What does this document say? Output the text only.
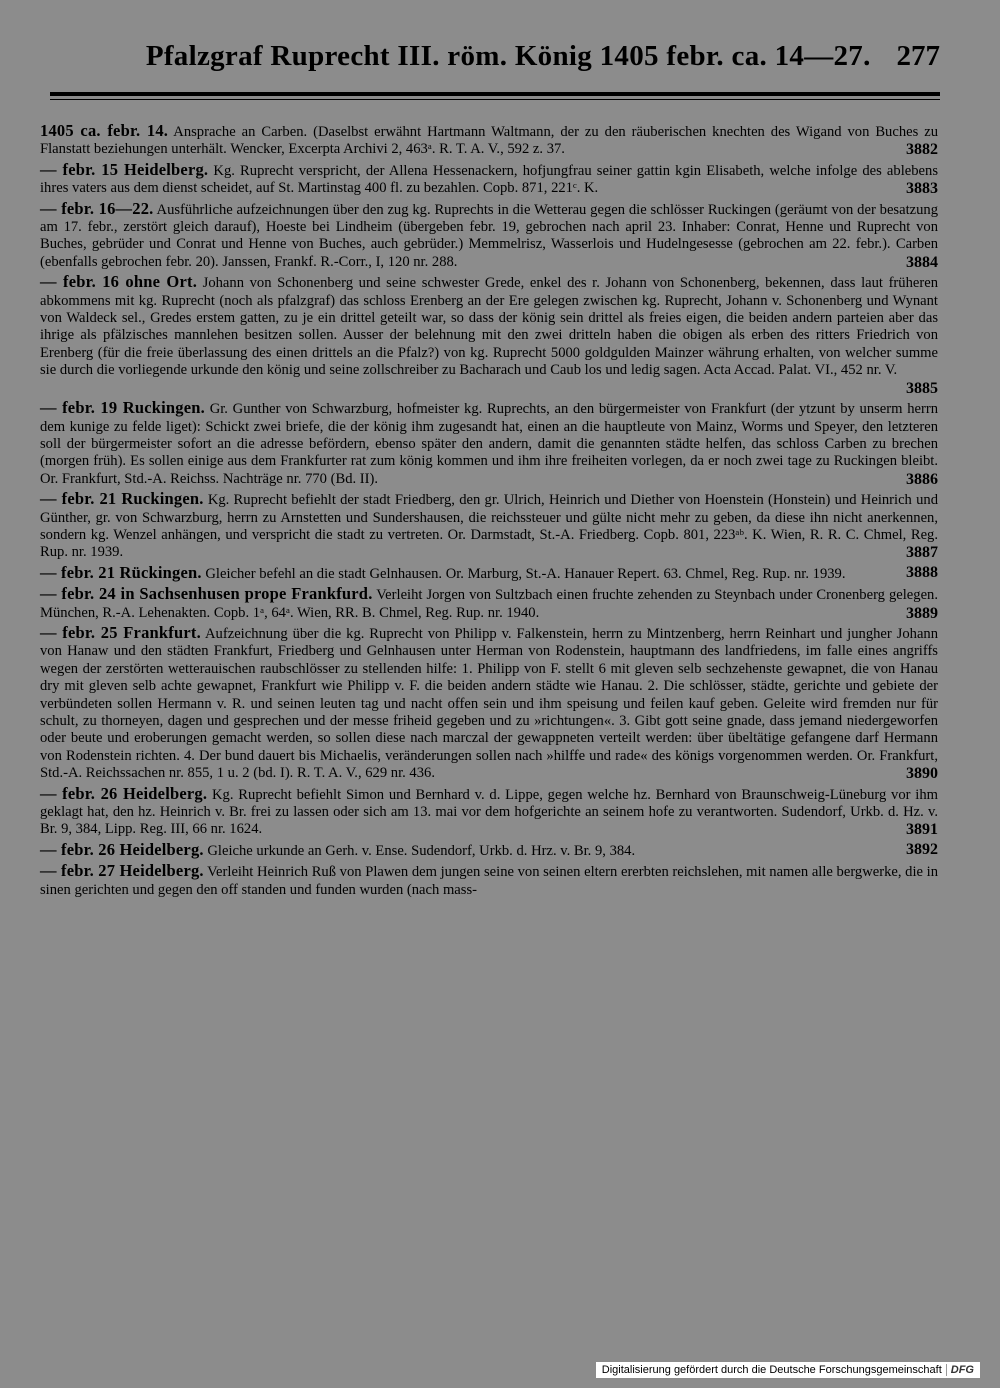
Pfalzgraf Ruprecht III. röm. König 1405 febr. ca. 14—27. 277
1405 ca. febr. 14. Ansprache an Carben. (Daselbst erwähnt Hartmann Waltmann, der zu den räuberischen knechten des Wigand von Buches zu Flanstatt beziehungen unterhält. Wencker, Excerpta Archivi 2, 463ᵃ. R. T. A. V., 592 z. 37.	3882
— febr. 15 Heidelberg. Kg. Ruprecht verspricht, der Allena Hessenackern, hofjungfrau seiner gattin kgin Elisabeth, welche infolge des ablebens ihres vaters aus dem dienst scheidet, auf St. Martinstag 400 fl. zu bezahlen. Copb. 871, 221ᶜ. K.	3883
— febr. 16—22. Ausführliche aufzeichnungen über den zug kg. Ruprechts in die Wetterau gegen die schlösser Ruckingen (geräumt von der besatzung am 17. febr., zerstört gleich darauf), Hoeste bei Lindheim (übergeben febr. 19, gebrochen nach april 23. Inhaber: Conrat, Henne und Ruprecht von Buches, gebrüder und Conrat und Henne von Buches, auch gebrüder.) Memmelrisz, Wasserlois und Hudelngesesse (gebrochen am 22. febr.). Carben (ebenfalls gebrochen febr. 20). Janssen, Frankf. R.-Corr., I, 120 nr. 288.	3884
— febr. 16 ohne Ort. Johann von Schonenberg und seine schwester Grede, enkel des r. Johann von Schonenberg, bekennen, dass laut früheren abkommens mit kg. Ruprecht (noch als pfalzgraf) das schloss Erenberg an der Ere gelegen zwischen kg. Ruprecht, Johann v. Schonenberg und Wynant von Waldeck sel., Gredes erstem gatten, zu je ein drittel geteilt war, so dass der könig sein drittel als freies eigen, die beiden andern parteien aber das ihrige als pfälzisches mannlehen besitzen sollen. Ausser der belehnung mit den zwei dritteln haben die obigen als erben des ritters Friedrich von Erenberg (für die freie überlassung des einen drittels an die Pfalz?) von kg. Ruprecht 5000 goldgulden Mainzer währung erhalten, von welcher summe sie durch die vorliegende urkunde den könig und seine zollschreiber zu Bacharach und Caub los und ledig sagen. Acta Accad. Palat. VI., 452 nr. V.
3885
— febr. 19 Ruckingen. Gr. Gunther von Schwarzburg, hofmeister kg. Ruprechts, an den bürgermeister von Frankfurt (der ytzunt by unserm herrn dem kunige zu felde liget): Schickt zwei briefe, die der könig ihm zugesandt hat, einen an die hauptleute von Mainz, Worms und Speyer, den letzteren soll der bürgermeister sofort an die adresse befördern, ebenso später den andern, damit die genannten städte helfen, das schloss Carben zu brechen (morgen früh). Es sollen einige aus dem Frankfurter rat zum könig kommen und ihm ihre freiheiten vorlegen, da er noch zwei tage zu Ruckingen bleibt. Or. Frankfurt, Std.-A. Reichss. Nachträge nr. 770 (Bd. II).	3886
— febr. 21 Ruckingen. Kg. Ruprecht befiehlt der stadt Friedberg, den gr. Ulrich, Heinrich und Diether von Hoenstein (Honstein) und Heinrich und Günther, gr. von Schwarzburg, herrn zu Arnstetten und Sundershausen, die reichssteuer und gülte nicht mehr zu geben, da diese ihn nicht anerkennen, sondern kg. Wenzel anhängen, und verspricht die stadt zu vertreten. Or. Darmstadt, St.-A. Friedberg. Copb. 801, 223ᵃᵇ. K. Wien, R. R. C. Chmel, Reg. Rup. nr. 1939.	3887
— febr. 21 Rückingen. Gleicher befehl an die stadt Gelnhausen. Or. Marburg, St.-A. Hanauer Repert. 63. Chmel, Reg. Rup. nr. 1939.	3888
— febr. 24 in Sachsenhusen prope Frankfurd. Verleiht Jorgen von Sultzbach einen fruchte zehenden zu Steynbach under Cronenberg gelegen. München, R.-A. Lehenakten. Copb. 1ᵃ, 64ᵃ. Wien, RR. B. Chmel, Reg. Rup. nr. 1940.	3889
— febr. 25 Frankfurt. Aufzeichnung über die kg. Ruprecht von Philipp v. Falkenstein, herrn zu Mintzenberg, herrn Reinhart und jungher Johann von Hanaw und den städten Frankfurt, Friedberg und Gelnhausen unter Herman von Rodenstein, hauptmann des landfriedens, im falle eines angriffs wegen der zerstörten wetterauischen raubschlösser zu stellenden hilfe: 1. Philipp von F. stellt 6 mit gleven selb sechzehenste gewapnet, die von Hanau dry mit gleven selb achte gewapnet, Frankfurt wie Philipp v. F. die beiden andern städte wie Hanau. 2. Die schlösser, städte, gerichte und gebiete der verbündeten sollen Hermann v. R. und seinen leuten tag und nacht offen sein und ihm speisung und feilen kauf geben. Geleite wird fremden nur für schult, zu thorneyen, dagen und gesprechen und der messe friheid gegeben und zu »richtungen«. 3. Gibt gott seine gnade, dass jemand niedergeworfen oder beute und eroberungen gemacht werden, so sollen diese nach marczal der gewappneten verteilt werden: über übeltätige gefangene darf Hermann von Rodenstein richten. 4. Der bund dauert bis Michaelis, veränderungen sollen nach »hilffe und rade« des königs vorgenommen werden. Or. Frankfurt, Std.-A. Reichssachen nr. 855, 1 u. 2 (bd. I). R. T. A. V., 629 nr. 436.	3890
— febr. 26 Heidelberg. Kg. Ruprecht befiehlt Simon und Bernhard v. d. Lippe, gegen welche hz. Bernhard von Braunschweig-Lüneburg vor ihm geklagt hat, den hz. Heinrich v. Br. frei zu lassen oder sich am 13. mai vor dem hofgerichte an seinem hofe zu verantworten. Sudendorf, Urkb. d. Hz. v. Br. 9, 384, Lipp. Reg. III, 66 nr. 1624.	3891
— febr. 26 Heidelberg. Gleiche urkunde an Gerh. v. Ense. Sudendorf, Urkb. d. Hrz. v. Br. 9, 384.	3892
— febr. 27 Heidelberg. Verleiht Heinrich Ruß von Plawen dem jungen seine von seinen eltern ererbten reichslehen, mit namen alle bergwerke, die in sinen gerichten und gegen den off standen und funden wurden (nach mass-
Digitalisierung gefördert durch die Deutsche Forschungsgemeinschaft DFG
